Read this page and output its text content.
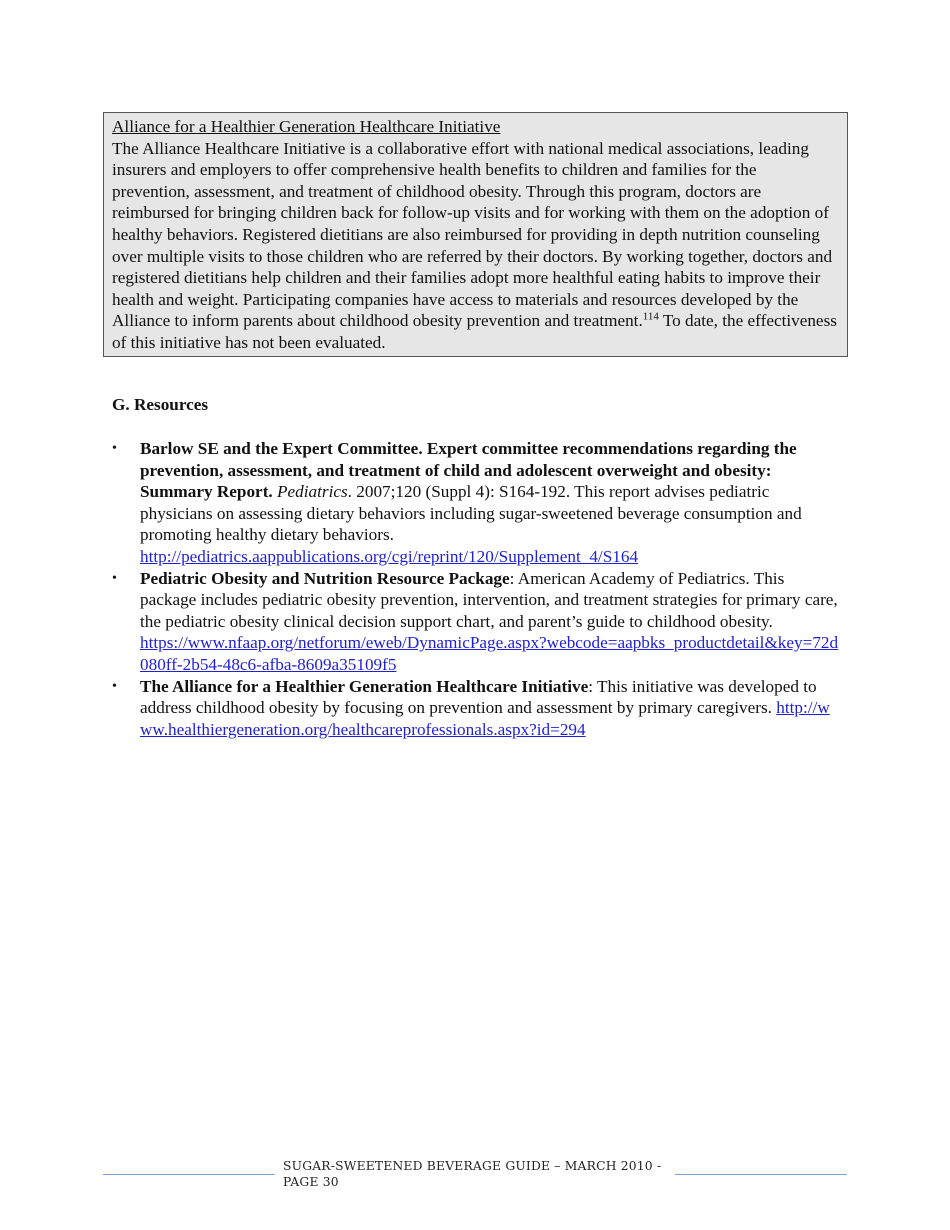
Alliance for a Healthier Generation Healthcare Initiative
The Alliance Healthcare Initiative is a collaborative effort with national medical associations, leading insurers and employers to offer comprehensive health benefits to children and families for the prevention, assessment, and treatment of childhood obesity. Through this program, doctors are reimbursed for bringing children back for follow-up visits and for working with them on the adoption of healthy behaviors. Registered dietitians are also reimbursed for providing in depth nutrition counseling over multiple visits to those children who are referred by their doctors. By working together, doctors and registered dietitians help children and their families adopt more healthful eating habits to improve their health and weight. Participating companies have access to materials and resources developed by the Alliance to inform parents about childhood obesity prevention and treatment.$^{114}$ To date, the effectiveness of this initiative has not been evaluated.
G. Resources
• Barlow SE and the Expert Committee. Expert committee recommendations regarding the prevention, assessment, and treatment of child and adolescent overweight and obesity: Summary Report. Pediatrics. 2007;120 (Suppl 4): S164-192. This report advises pediatric physicians on assessing dietary behaviors including sugar-sweetened beverage consumption and promoting healthy dietary behaviors.
http://pediatrics.aappublications.org/cgi/reprint/120/Supplement_4/S164
• Pediatric Obesity and Nutrition Resource Package: American Academy of Pediatrics. This package includes pediatric obesity prevention, intervention, and treatment strategies for primary care, the pediatric obesity clinical decision support chart, and parent’s guide to childhood obesity.
https://www.nfaap.org/netforum/eweb/DynamicPage.aspx?webcode=aapbks_productdetail&key=72d080ff-2b54-48c6-afba-8609a35109f5
• The Alliance for a Healthier Generation Healthcare Initiative: This initiative was developed to address childhood obesity by focusing on prevention and assessment by primary caregivers. http://www.healthiergeneration.org/healthcareprofessionals.aspx?id=294
SUGAR-SWEETENED BEVERAGE GUIDE – MARCH 2010 -PAGE 30
